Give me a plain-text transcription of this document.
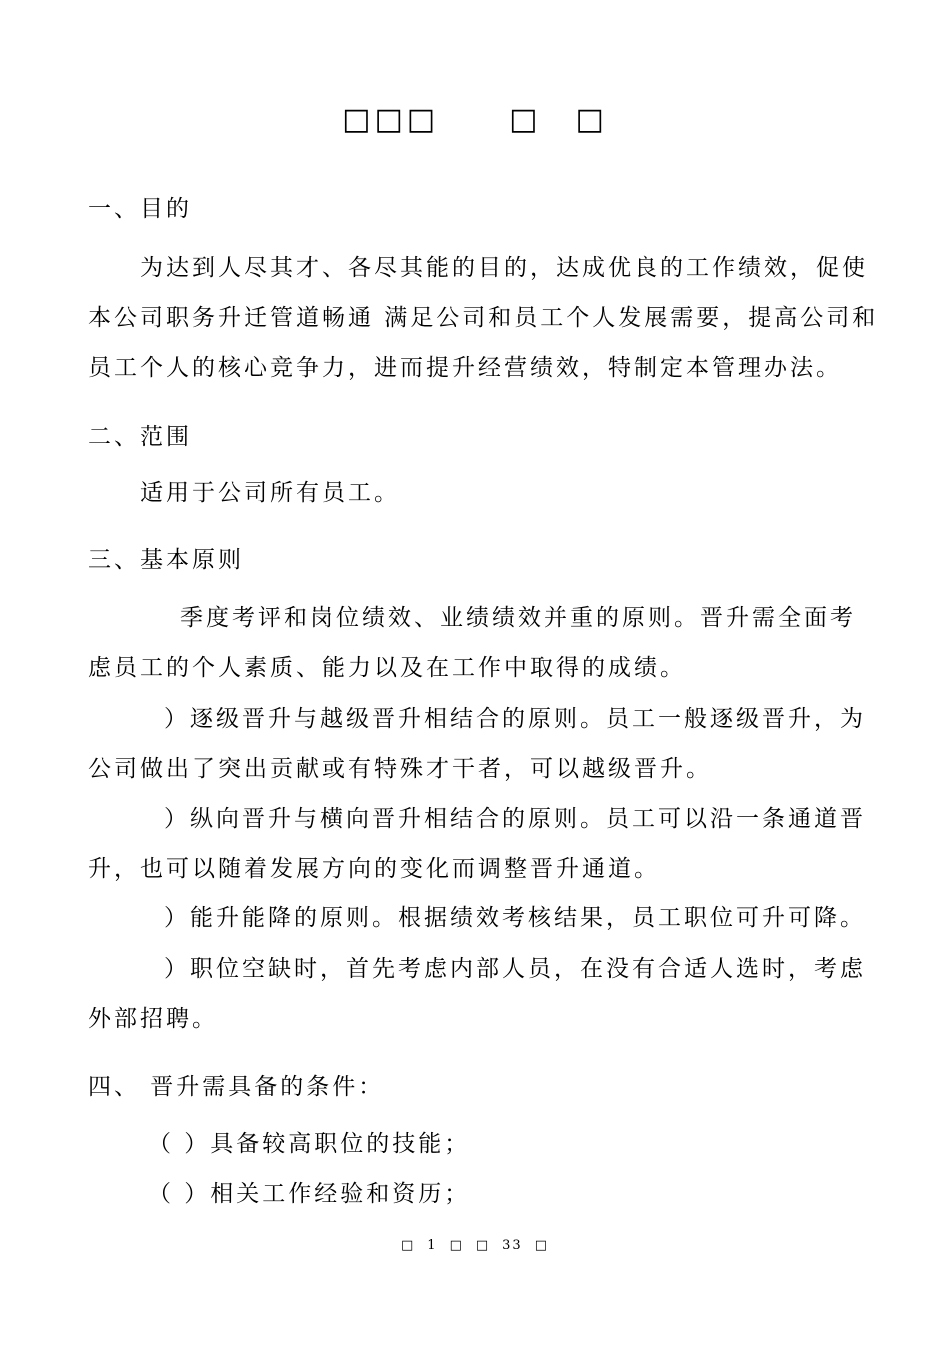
□□□ □ □
一、目的
为达到人尽其才、各尽其能的目的，达成优良的工作绩效，促使
本公司职务升迁管道畅通 满足公司和员工个人发展需要，提高公司和
员工个人的核心竞争力，进而提升经营绩效，特制定本管理办法。
二、范围
适用于公司所有员工。
三、基本原则
季度考评和岗位绩效、业绩绩效并重的原则。晋升需全面考
虑员工的个人素质、能力以及在工作中取得的成绩。
）逐级晋升与越级晋升相结合的原则。员工一般逐级晋升，为
公司做出了突出贡献或有特殊才干者，可以越级晋升。
）纵向晋升与横向晋升相结合的原则。员工可以沿一条通道晋
升，也可以随着发展方向的变化而调整晋升通道。
）能升能降的原则。根据绩效考核结果，员工职位可升可降。
）职位空缺时，首先考虑内部人员，在没有合适人选时，考虑
外部招聘。
四、 晋升需具备的条件：
（ ）具备较高职位的技能；
（ ）相关工作经验和资历；
□ 1 □ □ 33 □
